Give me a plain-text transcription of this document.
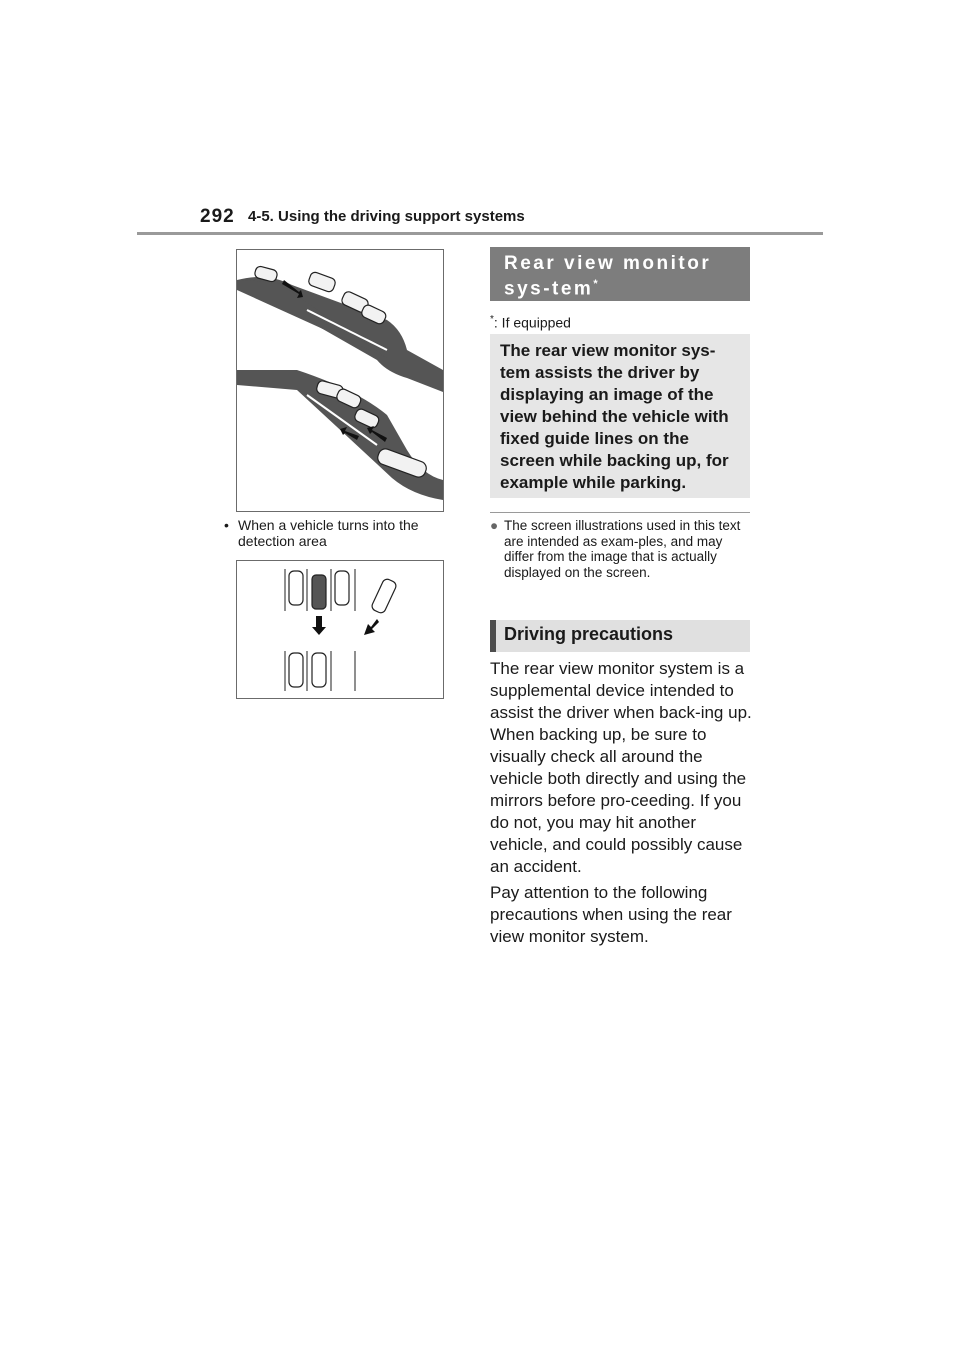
292 4-5. Using the driving support systems
• When a vehicle turns into the detection area
Rear view monitor sys-tem*
*: If equipped
The rear view monitor sys-tem assists the driver by displaying an image of the view behind the vehicle with fixed guide lines on the screen while backing up, for example while parking.
● The screen illustrations used in this text are intended as exam-ples, and may differ from the image that is actually displayed on the screen.
Driving precautions
The rear view monitor system is a supplemental device intended to assist the driver when back-ing up. When backing up, be sure to visually check all around the vehicle both directly and using the mirrors before pro-ceeding. If you do not, you may hit another vehicle, and could possibly cause an accident.
Pay attention to the following precautions when using the rear view monitor system.
